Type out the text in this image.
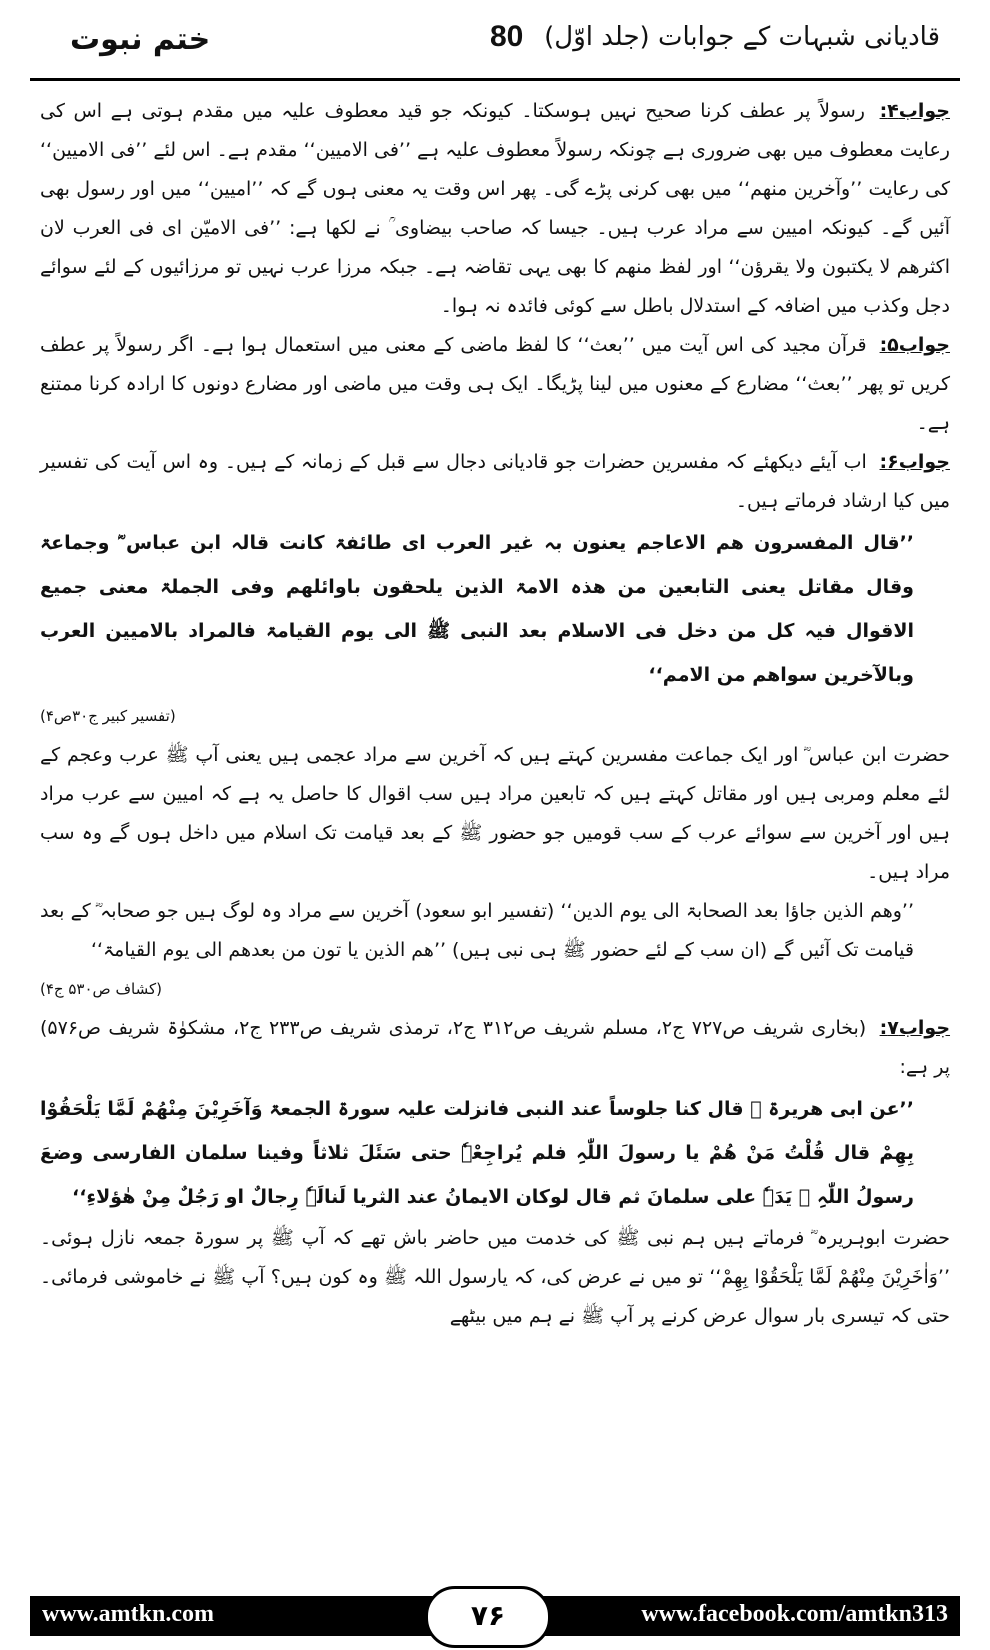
ختم نبوت	80 قادیانی شبہات کے جوابات (جلد اوّل)

جواب۴: رسولاً پر عطف کرنا صحیح نہیں ہوسکتا۔ کیونکہ جو قید معطوف علیہ میں مقدم ہوتی ہے اس کی رعایت معطوف میں بھی ضروری ہے چونکہ رسولاً معطوف علیہ ہے ’’فی الامیین‘‘ مقدم ہے۔ اس لئے ’’فی الامیین‘‘ کی رعایت ’’وآخرین منھم‘‘ میں بھی کرنی پڑے گی۔ پھر اس وقت یہ معنی ہوں گے کہ ’’امیین‘‘ میں اور رسول بھی آئیں گے۔ کیونکہ امیین سے مراد عرب ہیں۔ جیسا کہ صاحب بیضاوی ؒ نے لکھا ہے: ’’فی الامیّن ای فی العرب لان اکثرھم لا یکتبون ولا یقرؤن‘‘ اور لفظ منھم کا بھی یہی تقاضہ ہے۔ جبکہ مرزا عرب نہیں تو مرزائیوں کے لئے سوائے دجل وکذب میں اضافہ کے استدلال باطل سے کوئی فائدہ نہ ہوا۔

جواب۵: قرآن مجید کی اس آیت میں ’’بعث‘‘ کا لفظ ماضی کے معنی میں استعمال ہوا ہے۔ اگر رسولاً پر عطف کریں تو پھر ’’بعث‘‘ مضارع کے معنوں میں لینا پڑیگا۔ ایک ہی وقت میں ماضی اور مضارع دونوں کا ارادہ کرنا ممتنع ہے۔

جواب۶: اب آیئے دیکھئے کہ مفسرین حضرات جو قادیانی دجال سے قبل کے زمانہ کے ہیں۔ وہ اس آیت کی تفسیر میں کیا ارشاد فرماتے ہیں۔

’’قال المفسرون ھم الاعاجم یعنون بہ غیر العرب ای طائفۃ کانت قالہ ابن عباس ؓ وجماعۃ وقال مقاتل یعنی التابعین من ھذہ الامۃ الذین یلحقون باوائلھم وفی الجملۃ معنی جمیع الاقوال فیہ کل من دخل فی الاسلام بعد النبی ﷺ الی یوم القیامۃ فالمراد بالامیین العرب وبالآخرین سواھم من الامم‘‘

(تفسیر کبیر ج۳۰ص۴)

حضرت ابن عباس ؓ اور ایک جماعت مفسرین کہتے ہیں کہ آخرین سے مراد عجمی ہیں یعنی آپ ﷺ عرب وعجم کے لئے معلم ومربی ہیں اور مقاتل کہتے ہیں کہ تابعین مراد ہیں سب اقوال کا حاصل یہ ہے کہ امیین سے عرب مراد ہیں اور آخرین سے سوائے عرب کے سب قومیں جو حضور ﷺ کے بعد قیامت تک اسلام میں داخل ہوں گے وہ سب مراد ہیں۔

’’وھم الذین جاؤا بعد الصحابۃ الی یوم الدین‘‘ (تفسیر ابو سعود) آخرین سے مراد وہ لوگ ہیں جو صحابہ ؓ کے بعد قیامت تک آئیں گے (ان سب کے لئے حضور ﷺ ہی نبی ہیں) ’’ھم الذین یا تون من بعدھم الی یوم القیامۃ‘‘

(کشاف ص۵۳۰ ج۴)

جواب۷: (بخاری شریف ص۷۲۷ ج۲، مسلم شریف ص۳۱۲ ج۲، ترمذی شریف ص۲۳۳ ج۲، مشکوٰۃ شریف ص۵۷۶) پر ہے:

’’عن ابی ھریرۃ ؓ قال کنا جلوساً عند النبی فانزلت علیہ سورۃ الجمعۃ وَآخَرِیْنَ مِنْھُمْ لَمَّا یَلْحَقُوْا بِھِمْ قال قُلْتُ مَنْ ھُمْ یا رسولَ اللّٰہِ فلم یُراجِعْہٗ حتی سَئَلَ ثلاثاً وفینا سلمان الفارسی وضعَ رسولُ اللّٰہِ ﷺ یَدَہٗ علی سلمانَ ثم قال لوکان الایمانُ عند الثریا لَنالَہٗ رِجالٌ او رَجُلٌ مِنْ ھٰؤلاءِ‘‘

حضرت ابوہریرہ ؓ فرماتے ہیں ہم نبی ﷺ کی خدمت میں حاضر باش تھے کہ آپ ﷺ پر سورۃ جمعہ نازل ہوئی۔ ’’وَاٰخَرِیْنَ مِنْھُمْ لَمَّا یَلْحَقُوْا بِھِمْ‘‘ تو میں نے عرض کی، کہ یارسول اللہ ﷺ وہ کون ہیں؟ آپ ﷺ نے خاموشی فرمائی۔ حتی کہ تیسری بار سوال عرض کرنے پر آپ ﷺ نے ہم میں بیٹھے

www.amtkn.com	۷۶	www.facebook.com/amtkn313
